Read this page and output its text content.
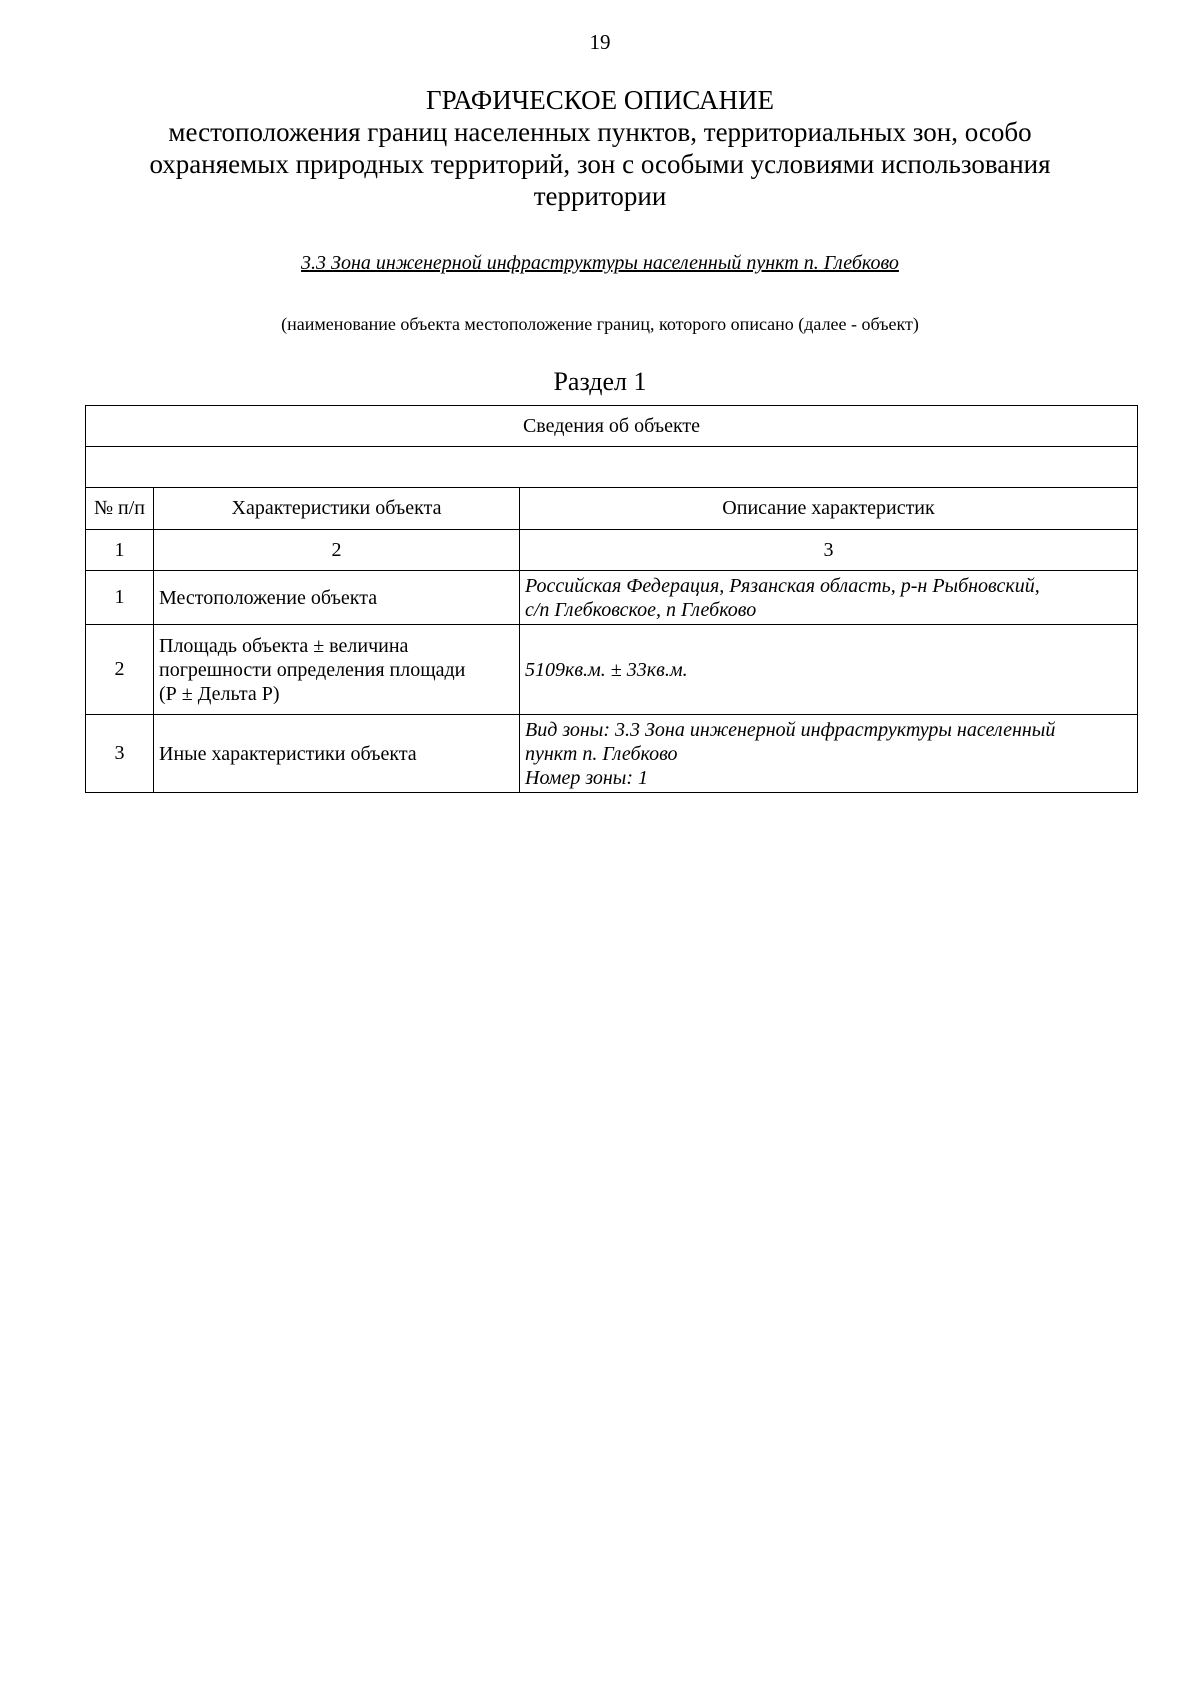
19
ГРАФИЧЕСКОЕ ОПИСАНИЕ
местоположения границ населенных пунктов, территориальных зон, особо
охраняемых природных территорий, зон с особыми условиями использования
территории
3.3 Зона инженерной инфраструктуры населенный пункт п. Глебково
(наименование объекта местоположение границ, которого описано (далее - объект)
Раздел 1
Сведения об объекте		

№ п/п	Характеристики объекта	Описание характеристик
1	2	3
1	Местоположение объекта	Российская Федерация, Рязанская область, р-н Рыбновский,
с/п Глебковское, п Глебково

2	Площадь объекта ± величина
погрешности определения площади
(Р ± Дельта Р)	5109кв.м. ± 33кв.м.

3	Иные характеристики объекта	Вид зоны: 3.3 Зона инженерной инфраструктуры населенный
пункт п. Глебково
Номер зоны: 1
